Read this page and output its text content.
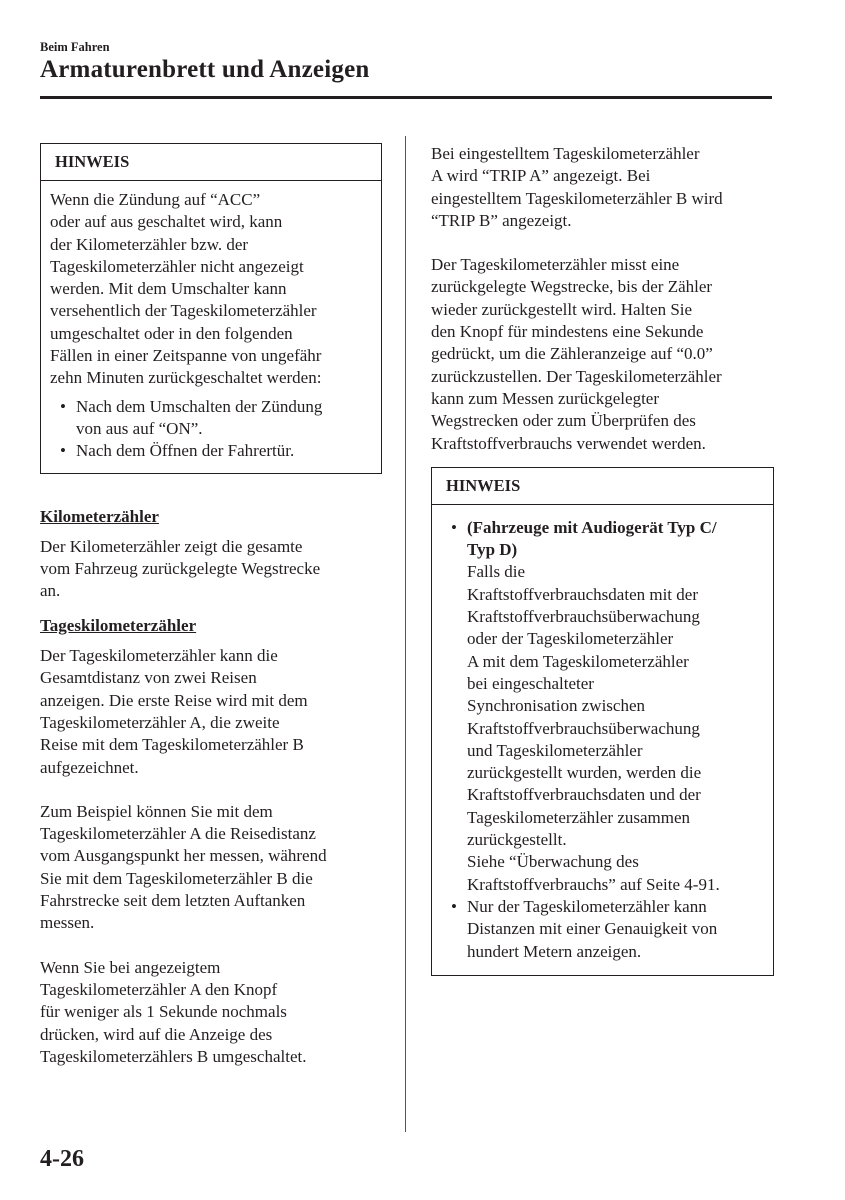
Beim Fahren
Armaturenbrett und Anzeigen
HINWEIS
Wenn die Zündung auf “ACC”
oder auf aus geschaltet wird, kann
der Kilometerzähler bzw. der
Tageskilometerzähler nicht angezeigt
werden. Mit dem Umschalter kann
versehentlich der Tageskilometerzähler
umgeschaltet oder in den folgenden
Fällen in einer Zeitspanne von ungefähr
zehn Minuten zurückgeschaltet werden:
• Nach dem Umschalten der Zündung
von aus auf “ON”.
• Nach dem Öffnen der Fahrertür.
Kilometerzähler
Der Kilometerzähler zeigt die gesamte
vom Fahrzeug zurückgelegte Wegstrecke
an.
Tageskilometerzähler
Der Tageskilometerzähler kann die
Gesamtdistanz von zwei Reisen
anzeigen. Die erste Reise wird mit dem
Tageskilometerzähler A, die zweite
Reise mit dem Tageskilometerzähler B
aufgezeichnet.
Zum Beispiel können Sie mit dem
Tageskilometerzähler A die Reisedistanz
vom Ausgangspunkt her messen, während
Sie mit dem Tageskilometerzähler B die
Fahrstrecke seit dem letzten Auftanken
messen.
Wenn Sie bei angezeigtem
Tageskilometerzähler A den Knopf
für weniger als 1 Sekunde nochmals
drücken, wird auf die Anzeige des
Tageskilometerzählers B umgeschaltet.
Bei eingestelltem Tageskilometerzähler
A wird “TRIP A” angezeigt. Bei
eingestelltem Tageskilometerzähler B wird
“TRIP B” angezeigt.
Der Tageskilometerzähler misst eine
zurückgelegte Wegstrecke, bis der Zähler
wieder zurückgestellt wird. Halten Sie
den Knopf für mindestens eine Sekunde
gedrückt, um die Zähleranzeige auf “0.0”
zurückzustellen. Der Tageskilometerzähler
kann zum Messen zurückgelegter
Wegstrecken oder zum Überprüfen des
Kraftstoffverbrauchs verwendet werden.
HINWEIS
• (Fahrzeuge mit Audiogerät Typ C/
Typ D)
Falls die
Kraftstoffverbrauchsdaten mit der
Kraftstoffverbrauchsüberwachung
oder der Tageskilometerzähler
A mit dem Tageskilometerzähler
bei eingeschalteter
Synchronisation zwischen
Kraftstoffverbrauchsüberwachung
und Tageskilometerzähler
zurückgestellt wurden, werden die
Kraftstoffverbrauchsdaten und der
Tageskilometerzähler zusammen
zurückgestellt.
Siehe “Überwachung des
Kraftstoffverbrauchs” auf Seite 4-91.
• Nur der Tageskilometerzähler kann
Distanzen mit einer Genauigkeit von
hundert Metern anzeigen.
4-26
